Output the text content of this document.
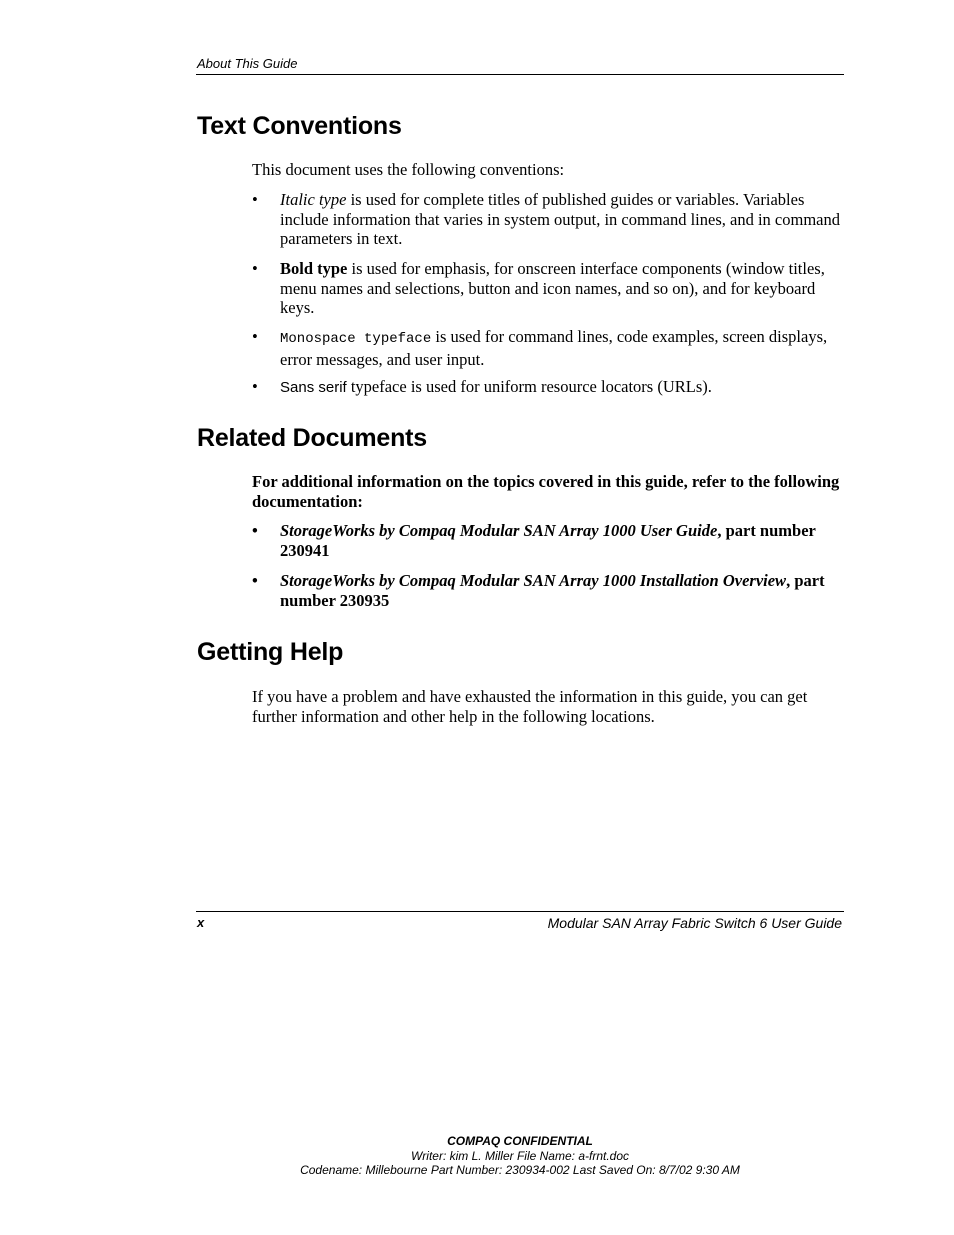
About This Guide
Text Conventions
This document uses the following conventions:
• Italic type is used for complete titles of published guides or variables. Variables include information that varies in system output, in command lines, and in command parameters in text.
• Bold type is used for emphasis, for onscreen interface components (window titles, menu names and selections, button and icon names, and so on), and for keyboard keys.
• Monospace typeface is used for command lines, code examples, screen displays, error messages, and user input.
• Sans serif typeface is used for uniform resource locators (URLs).
Related Documents
For additional information on the topics covered in this guide, refer to the following documentation:
• StorageWorks by Compaq Modular SAN Array 1000 User Guide, part number 230941
• StorageWorks by Compaq Modular SAN Array 1000 Installation Overview, part number 230935
Getting Help
If you have a problem and have exhausted the information in this guide, you can get further information and other help in the following locations.
x	Modular SAN Array Fabric Switch 6 User Guide
COMPAQ CONFIDENTIAL
Writer: kim L. Miller File Name: a-frnt.doc
Codename: Millebourne Part Number: 230934-002 Last Saved On: 8/7/02 9:30 AM
